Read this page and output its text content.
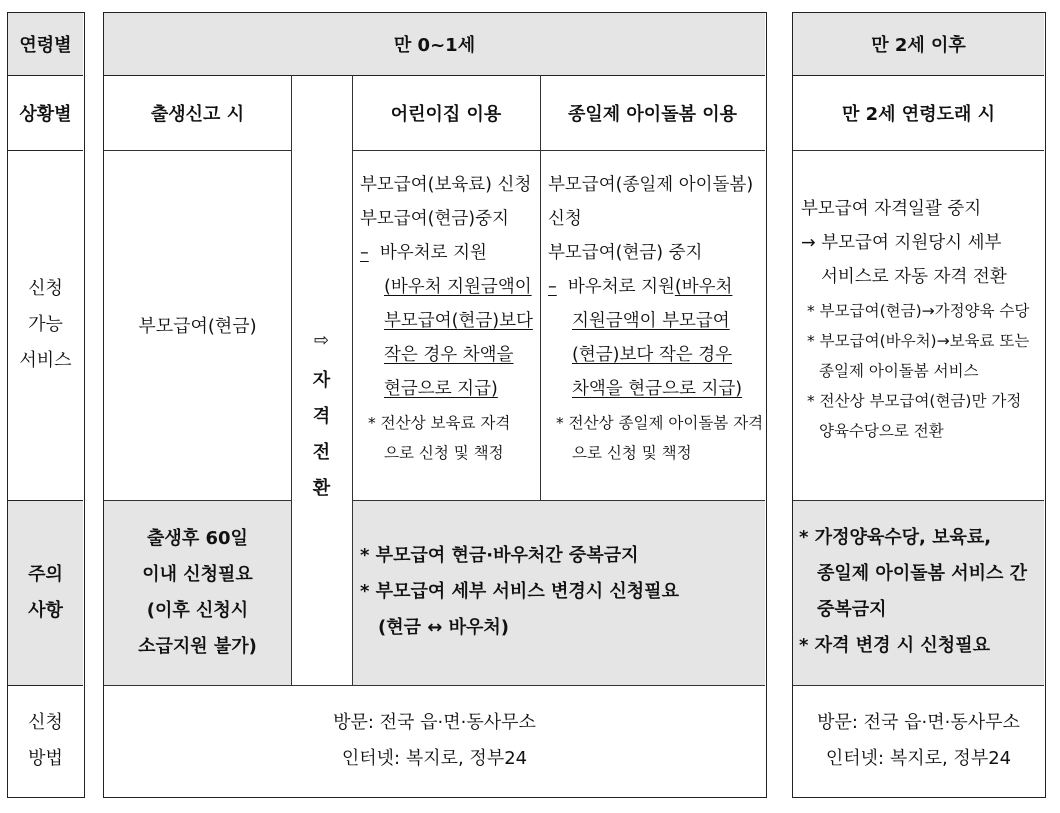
연령별
상황별
신청
가능
서비스
주의
사항
신청
방법
만 0~1세
출생신고 시	어린이집 이용	종일제 아이돌봄 이용
부모급여(현금)
⇨
자
격
전
환
부모급여(보육료) 신청
부모급여(현금)중지
– 바우처로 지원
(바우처 지원금액이
부모급여(현금)보다
작은 경우 차액을
현금으로 지급)
* 전산상 보육료 자격
으로 신청 및 책정
부모급여(종일제 아이돌봄)
신청
부모급여(현금) 중지
– 바우처로 지원(바우처
지원금액이 부모급여
(현금)보다 작은 경우
차액을 현금으로 지급)
* 전산상 종일제 아이돌봄 자격
으로 신청 및 책정
출생후 60일
이내 신청필요
(이후 신청시
소급지원 불가)
* 부모급여 현금·바우처간 중복금지
* 부모급여 세부 서비스 변경시 신청필요
(현금 ↔ 바우처)
방문: 전국 읍·면·동사무소
인터넷: 복지로, 정부24
만 2세 이후
만 2세 연령도래 시
부모급여 자격일괄 중지
→ 부모급여 지원당시 세부
서비스로 자동 자격 전환
* 부모급여(현금)→가정양육 수당
* 부모급여(바우처)→보육료 또는
종일제 아이돌봄 서비스
* 전산상 부모급여(현금)만 가정
양육수당으로 전환
* 가정양육수당, 보육료,
종일제 아이돌봄 서비스 간
중복금지
* 자격 변경 시 신청필요
방문: 전국 읍·면·동사무소
인터넷: 복지로, 정부24
